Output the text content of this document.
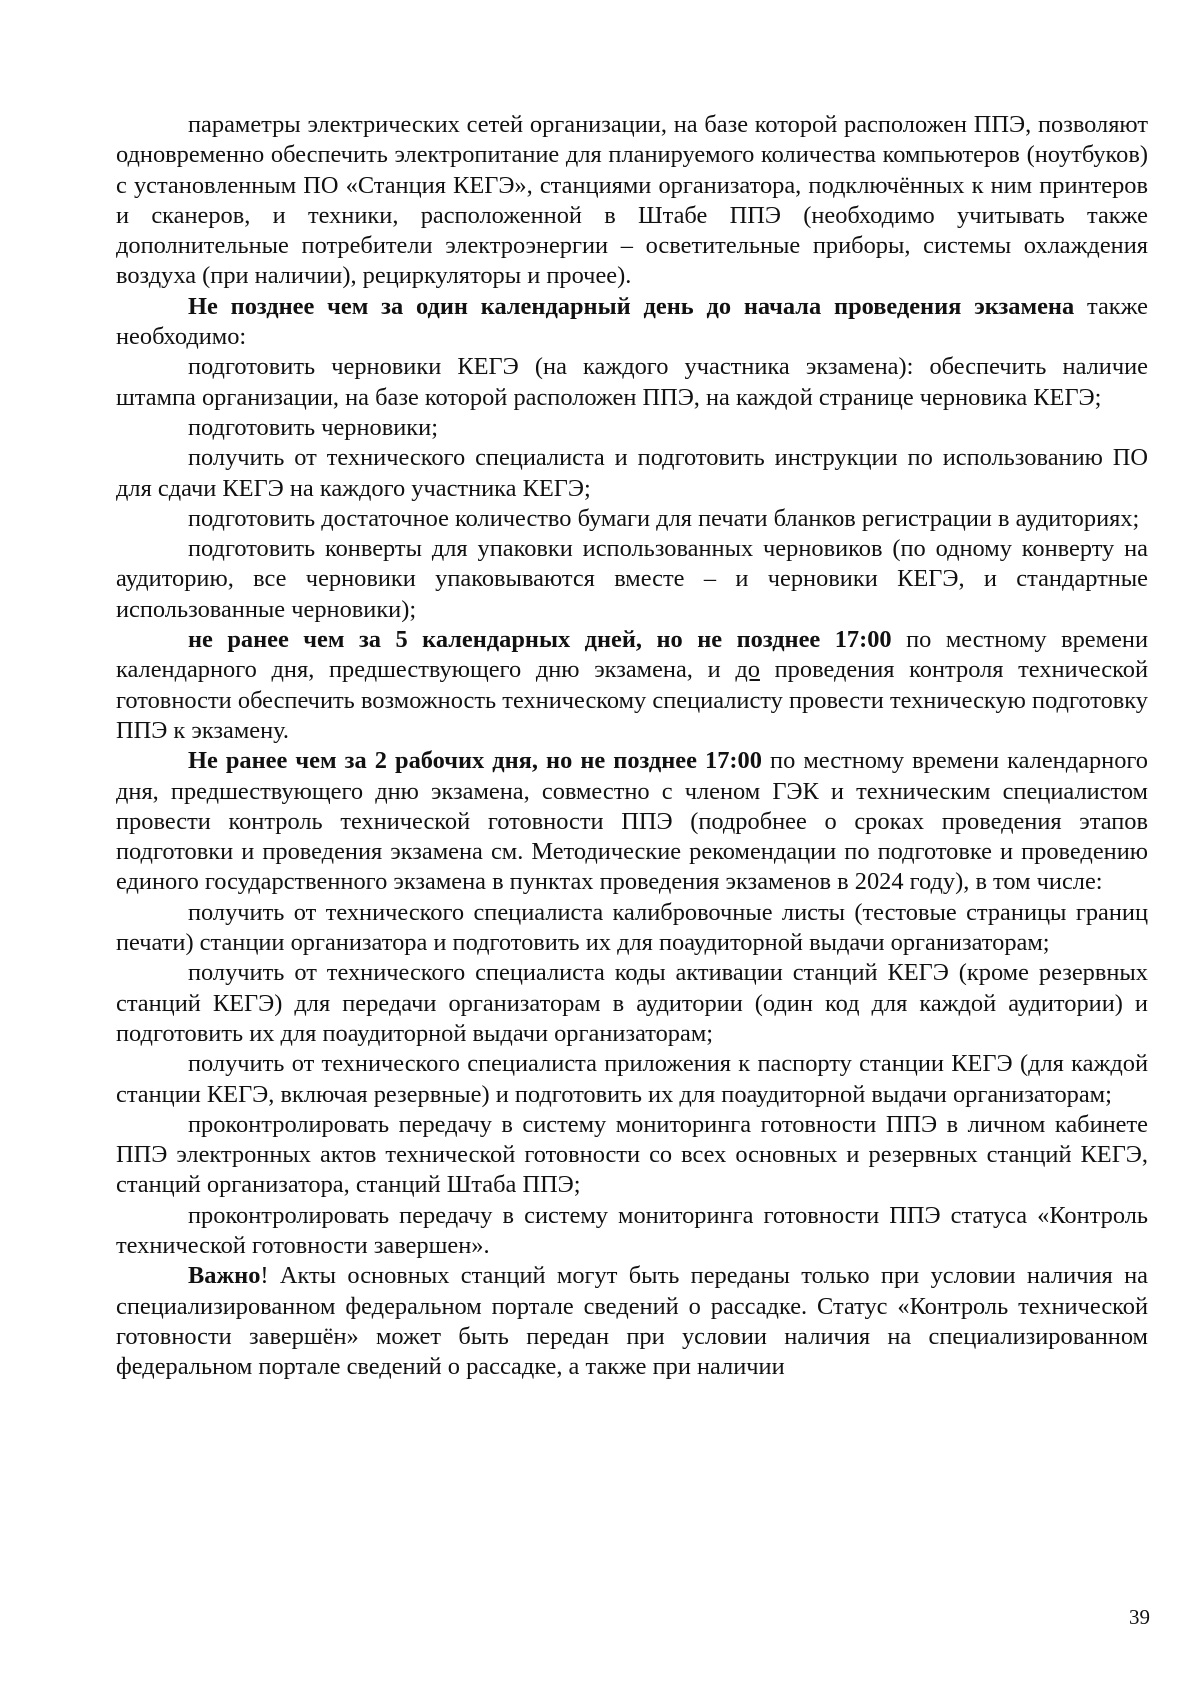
параметры электрических сетей организации, на базе которой расположен ППЭ, позволяют одновременно обеспечить электропитание для планируемого количества компьютеров (ноутбуков) с установленным ПО «Станция КЕГЭ», станциями организатора, подключённых к ним принтеров и сканеров, и техники, расположенной в Штабе ППЭ (необходимо учитывать также дополнительные потребители электроэнергии – осветительные приборы, системы охлаждения воздуха (при наличии), рециркуляторы и прочее).

Не позднее чем за один календарный день до начала проведения экзамена также необходимо:

подготовить черновики КЕГЭ (на каждого участника экзамена): обеспечить наличие штампа организации, на базе которой расположен ППЭ, на каждой странице черновика КЕГЭ;

подготовить черновики;

получить от технического специалиста и подготовить инструкции по использованию ПО для сдачи КЕГЭ на каждого участника КЕГЭ;

подготовить достаточное количество бумаги для печати бланков регистрации в аудиториях;

подготовить конверты для упаковки использованных черновиков (по одному конверту на аудиторию, все черновики упаковываются вместе – и черновики КЕГЭ, и стандартные использованные черновики);

не ранее чем за 5 календарных дней, но не позднее 17:00 по местному времени календарного дня, предшествующего дню экзамена, и до проведения контроля технической готовности обеспечить возможность техническому специалисту провести техническую подготовку ППЭ к экзамену.

Не ранее чем за 2 рабочих дня, но не позднее 17:00 по местному времени календарного дня, предшествующего дню экзамена, совместно с членом ГЭК и техническим специалистом провести контроль технической готовности ППЭ (подробнее о сроках проведения этапов подготовки и проведения экзамена см. Методические рекомендации по подготовке и проведению единого государственного экзамена в пунктах проведения экзаменов в 2024 году), в том числе:

получить от технического специалиста калибровочные листы (тестовые страницы границ печати) станции организатора и подготовить их для поаудиторной выдачи организаторам;

получить от технического специалиста коды активации станций КЕГЭ (кроме резервных станций КЕГЭ) для передачи организаторам в аудитории (один код для каждой аудитории) и подготовить их для поаудиторной выдачи организаторам;

получить от технического специалиста приложения к паспорту станции КЕГЭ (для каждой станции КЕГЭ, включая резервные) и подготовить их для поаудиторной выдачи организаторам;

проконтролировать передачу в систему мониторинга готовности ППЭ в личном кабинете ППЭ электронных актов технической готовности со всех основных и резервных станций КЕГЭ, станций организатора, станций Штаба ППЭ;

проконтролировать передачу в систему мониторинга готовности ППЭ статуса «Контроль технической готовности завершен».

Важно! Акты основных станций могут быть переданы только при условии наличия на специализированном федеральном портале сведений о рассадке. Статус «Контроль технической готовности завершён» может быть передан при условии наличия на специализированном федеральном портале сведений о рассадке, а также при наличии

39
